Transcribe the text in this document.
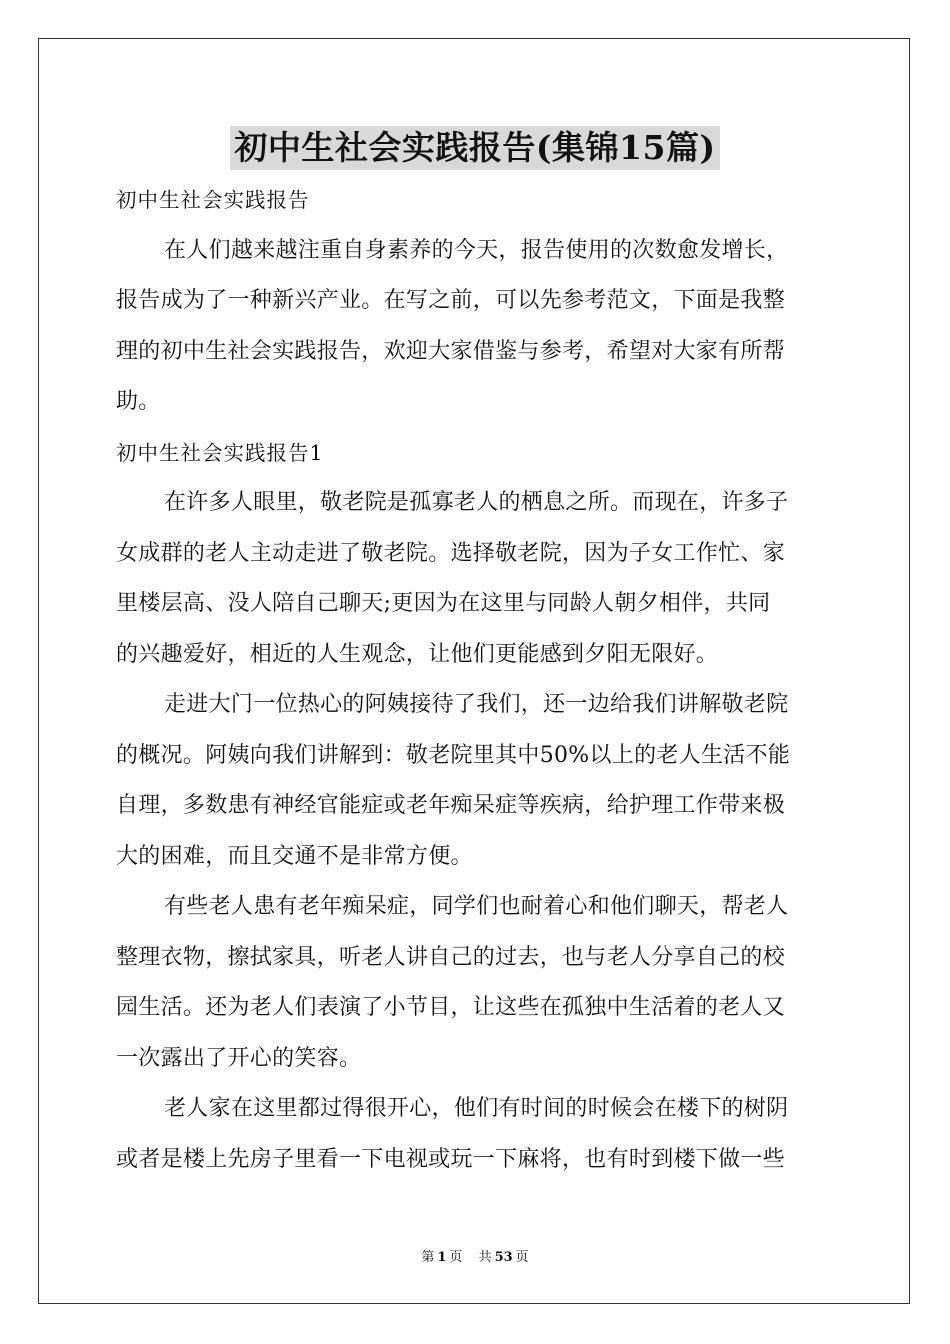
初中生社会实践报告(集锦15篇)
初中生社会实践报告
在人们越来越注重自身素养的今天，报告使用的次数愈发增长，
报告成为了一种新兴产业。在写之前，可以先参考范文，下面是我整
理的初中生社会实践报告，欢迎大家借鉴与参考，希望对大家有所帮
助。
初中生社会实践报告1
在许多人眼里，敬老院是孤寡老人的栖息之所。而现在，许多子
女成群的老人主动走进了敬老院。选择敬老院，因为子女工作忙、家
里楼层高、没人陪自己聊天;更因为在这里与同龄人朝夕相伴，共同
的兴趣爱好，相近的人生观念，让他们更能感到夕阳无限好。
走进大门一位热心的阿姨接待了我们，还一边给我们讲解敬老院
的概况。阿姨向我们讲解到：敬老院里其中50%以上的老人生活不能
自理，多数患有神经官能症或老年痴呆症等疾病，给护理工作带来极
大的困难，而且交通不是非常方便。
有些老人患有老年痴呆症，同学们也耐着心和他们聊天，帮老人
整理衣物，擦拭家具，听老人讲自己的过去，也与老人分享自己的校
园生活。还为老人们表演了小节目，让这些在孤独中生活着的老人又
一次露出了开心的笑容。
老人家在这里都过得很开心，他们有时间的时候会在楼下的树阴
或者是楼上先房子里看一下电视或玩一下麻将，也有时到楼下做一些
第 1 页 共 53 页
